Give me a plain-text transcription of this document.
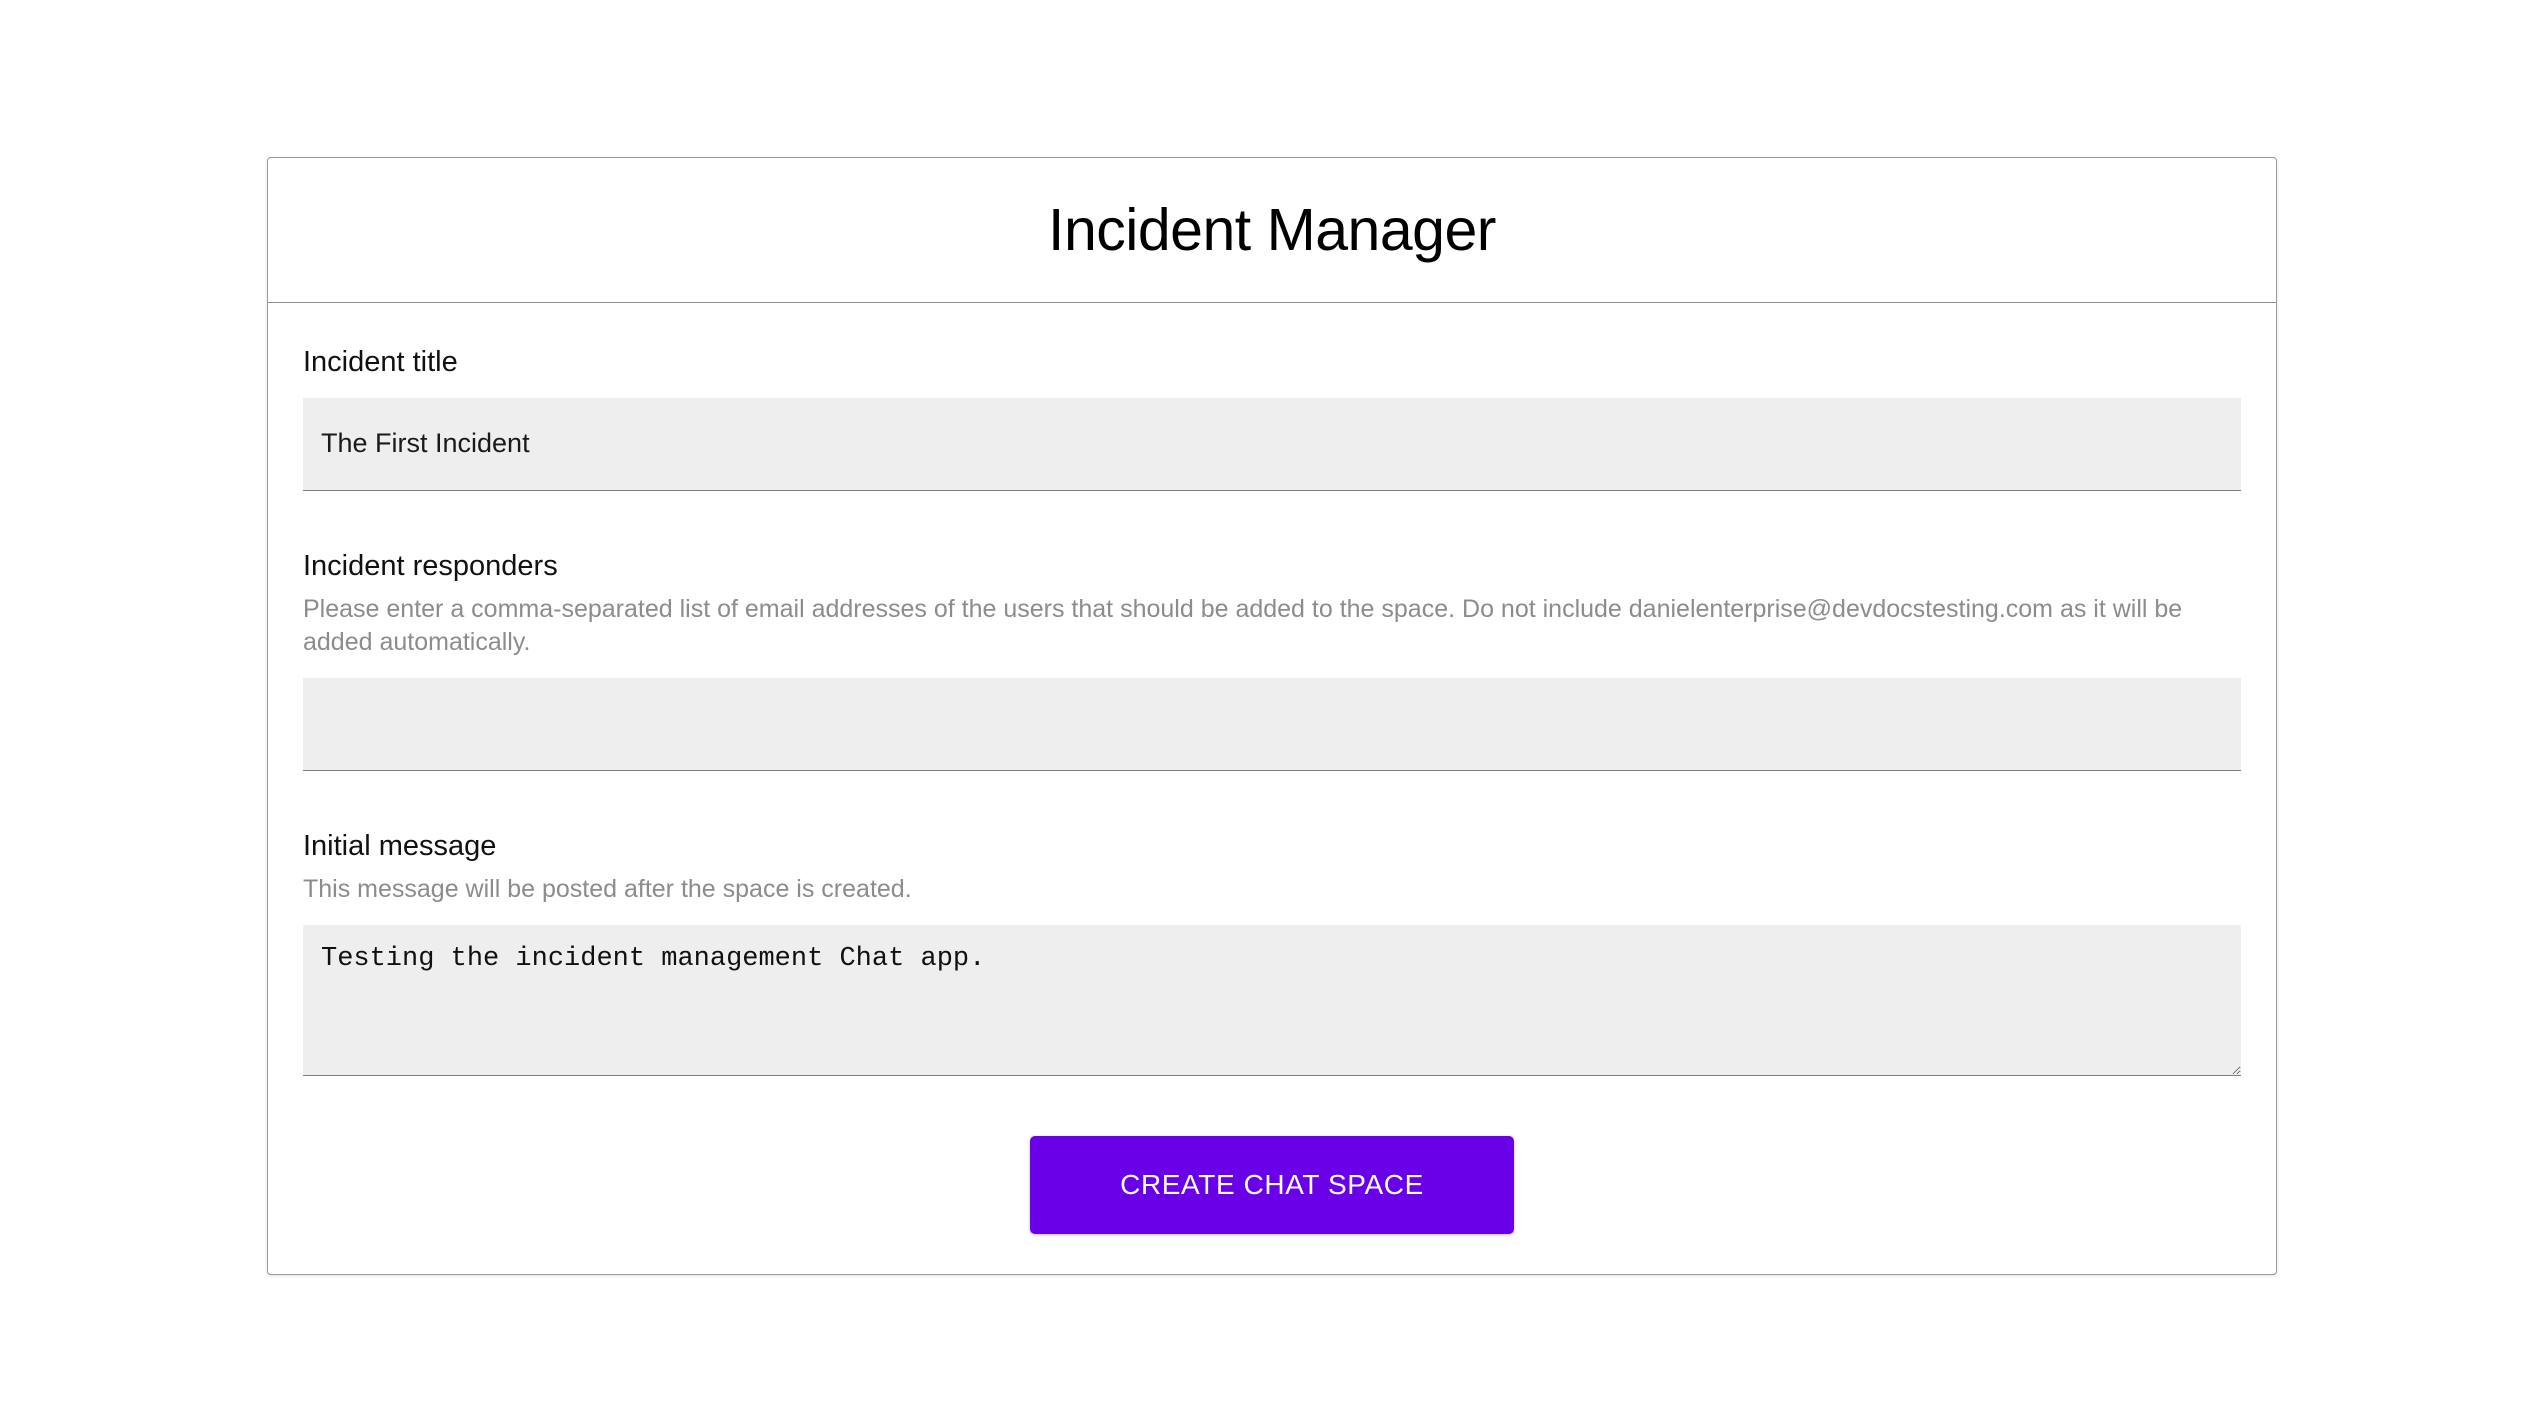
Incident Manager
Incident title
The First Incident
Incident responders
Please enter a comma-separated list of email addresses of the users that should be added to the space. Do not include danielenterprise@devdocstesting.com as it will be added automatically.
Initial message
This message will be posted after the space is created.
Testing the incident management Chat app.
CREATE CHAT SPACE
